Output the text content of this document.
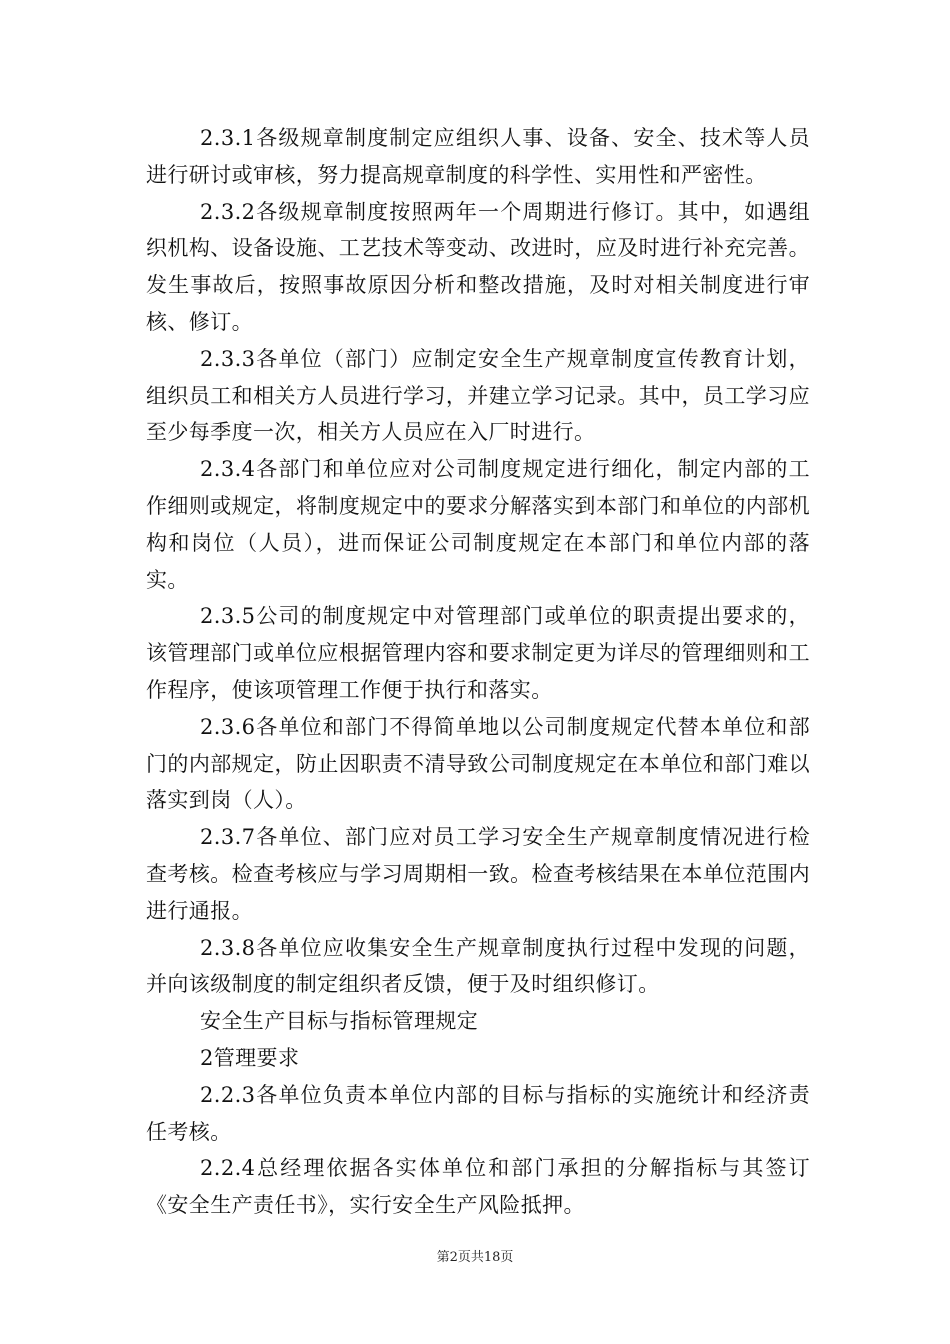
2.3.1各级规章制度制定应组织人事、设备、安全、技术等人员进行研讨或审核，努力提高规章制度的科学性、实用性和严密性。

2.3.2各级规章制度按照两年一个周期进行修订。其中，如遇组织机构、设备设施、工艺技术等变动、改进时，应及时进行补充完善。发生事故后，按照事故原因分析和整改措施，及时对相关制度进行审核、修订。

2.3.3各单位（部门）应制定安全生产规章制度宣传教育计划，组织员工和相关方人员进行学习，并建立学习记录。其中，员工学习应至少每季度一次，相关方人员应在入厂时进行。

2.3.4各部门和单位应对公司制度规定进行细化，制定内部的工作细则或规定，将制度规定中的要求分解落实到本部门和单位的内部机构和岗位（人员），进而保证公司制度规定在本部门和单位内部的落实。

2.3.5公司的制度规定中对管理部门或单位的职责提出要求的，该管理部门或单位应根据管理内容和要求制定更为详尽的管理细则和工作程序，使该项管理工作便于执行和落实。

2.3.6各单位和部门不得简单地以公司制度规定代替本单位和部门的内部规定，防止因职责不清导致公司制度规定在本单位和部门难以落实到岗（人）。

2.3.7各单位、部门应对员工学习安全生产规章制度情况进行检查考核。检查考核应与学习周期相一致。检查考核结果在本单位范围内进行通报。

2.3.8各单位应收集安全生产规章制度执行过程中发现的问题，并向该级制度的制定组织者反馈，便于及时组织修订。

安全生产目标与指标管理规定

2管理要求

2.2.3各单位负责本单位内部的目标与指标的实施统计和经济责任考核。

2.2.4总经理依据各实体单位和部门承担的分解指标与其签订《安全生产责任书》，实行安全生产风险抵押。

第2页共18页
